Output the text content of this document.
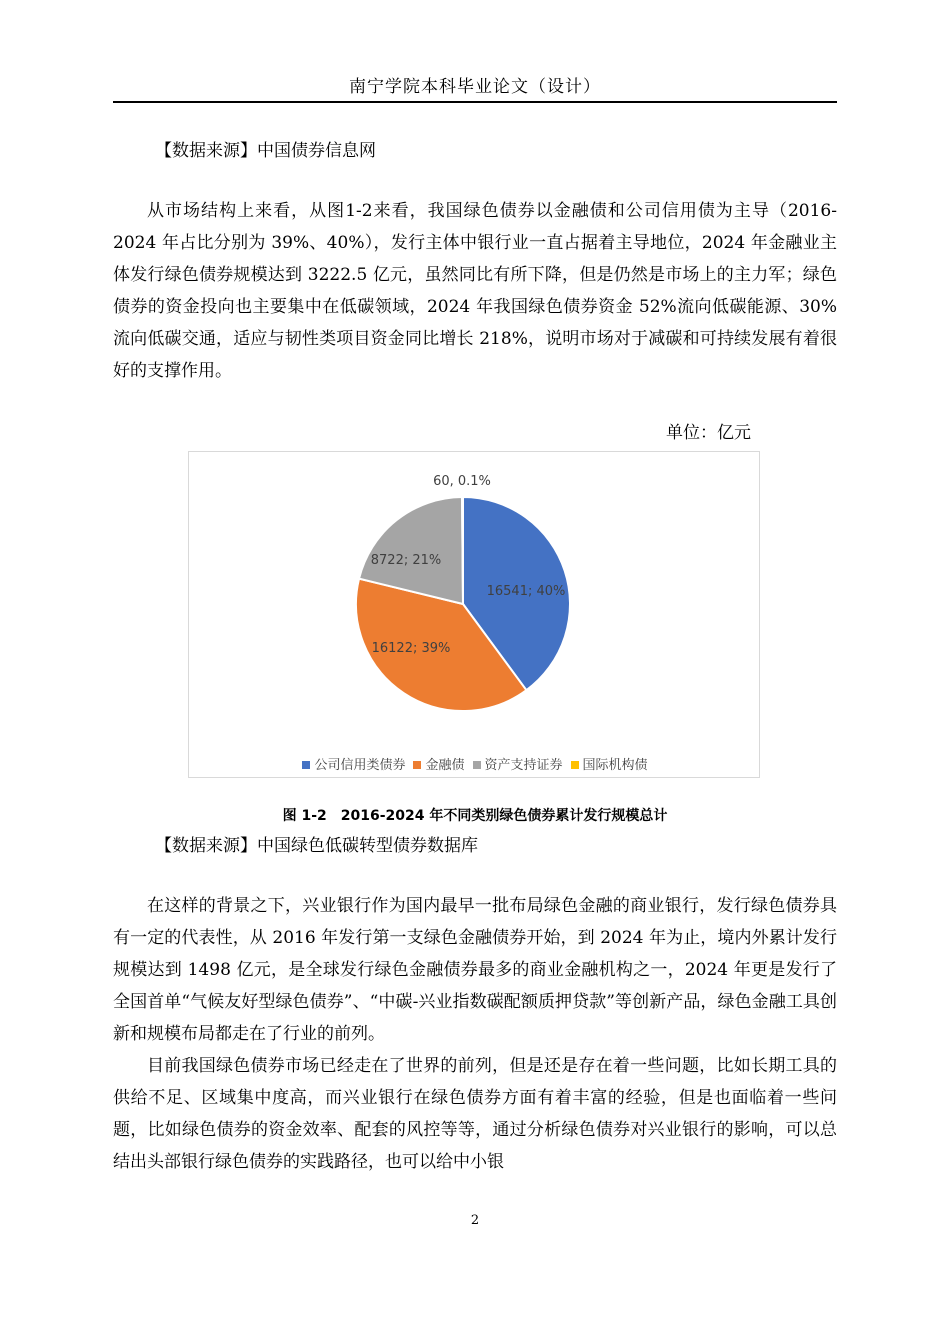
南宁学院本科毕业论文（设计）
【数据来源】中国债券信息网

从市场结构上来看，从图1-2来看，我国绿色债券以金融债和公司信用债为主导（2016-2024 年占比分别为 39%、40%），发行主体中银行业一直占据着主导地位，2024 年金融业主体发行绿色债券规模达到 3222.5 亿元，虽然同比有所下降，但是仍然是市场上的主力军；绿色债券的资金投向也主要集中在低碳领域，2024 年我国绿色债券资金 52%流向低碳能源、30%流向低碳交通，适应与韧性类项目资金同比增长 218%，说明市场对于减碳和可持续发展有着很好的支撑作用。

单位：亿元
16541; 40%
16122; 39%
8722; 21%
60, 0.1%
公司信用类债券 金融债 资产支持证券 国际机构债
图 1-2　2016-2024 年不同类别绿色债券累计发行规模总计
【数据来源】中国绿色低碳转型债券数据库

在这样的背景之下，兴业银行作为国内最早一批布局绿色金融的商业银行，发行绿色债券具有一定的代表性，从 2016 年发行第一支绿色金融债券开始，到 2024 年为止，境内外累计发行规模达到 1498 亿元，是全球发行绿色金融债券最多的商业金融机构之一，2024 年更是发行了全国首单“气候友好型绿色债券”、“中碳-兴业指数碳配额质押贷款”等创新产品，绿色金融工具创新和规模布局都走在了行业的前列。

目前我国绿色债券市场已经走在了世界的前列，但是还是存在着一些问题，比如长期工具的供给不足、区域集中度高，而兴业银行在绿色债券方面有着丰富的经验，但是也面临着一些问题，比如绿色债券的资金效率、配套的风控等等，通过分析绿色债券对兴业银行的影响，可以总结出头部银行绿色债券的实践路径，也可以给中小银

2
